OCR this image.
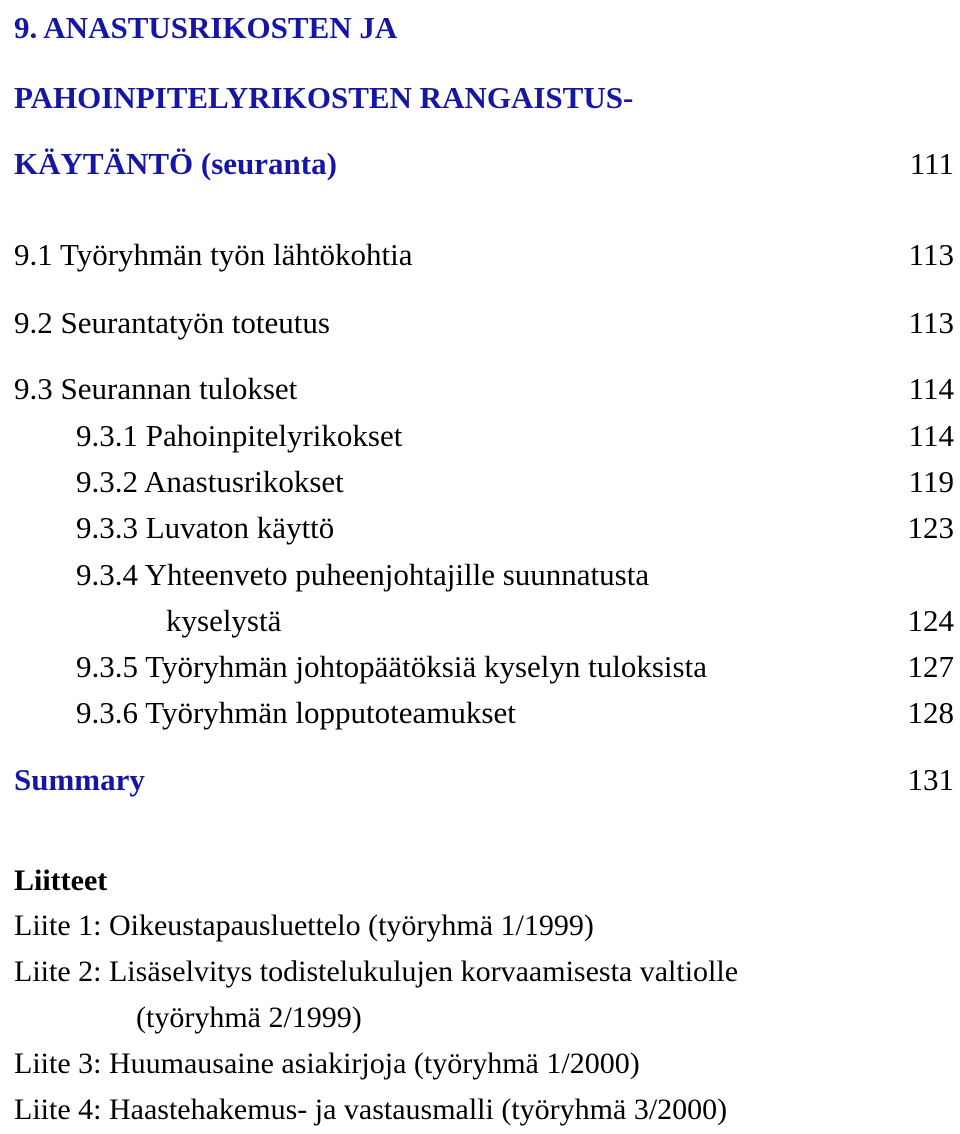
9. ANASTUSRIKOSTEN JA
PAHOINPITELYRIKOSTEN RANGAISTUS-
KÄYTÄNTÖ (seuranta)	111
9.1 Työryhmän työn lähtökohtia	113
9.2 Seurantatyön toteutus	113
9.3 Seurannan tulokset	114
9.3.1 Pahoinpitelyrikokset	114
9.3.2 Anastusrikokset	119
9.3.3 Luvaton käyttö	123
9.3.4 Yhteenveto puheenjohtajille suunnatusta
kyselystä	124
9.3.5 Työryhmän johtopäätöksiä kyselyn tuloksista	127
9.3.6 Työryhmän lopputoteamukset	128
Summary	131
Liitteet
Liite 1: Oikeustapausluettelo (työryhmä 1/1999)
Liite 2: Lisäselvitys todistelukulujen korvaamisesta valtiolle
(työryhmä 2/1999)
Liite 3: Huumausaine asiakirjoja (työryhmä 1/2000)
Liite 4: Haastehakemus- ja vastausmalli (työryhmä 3/2000)
